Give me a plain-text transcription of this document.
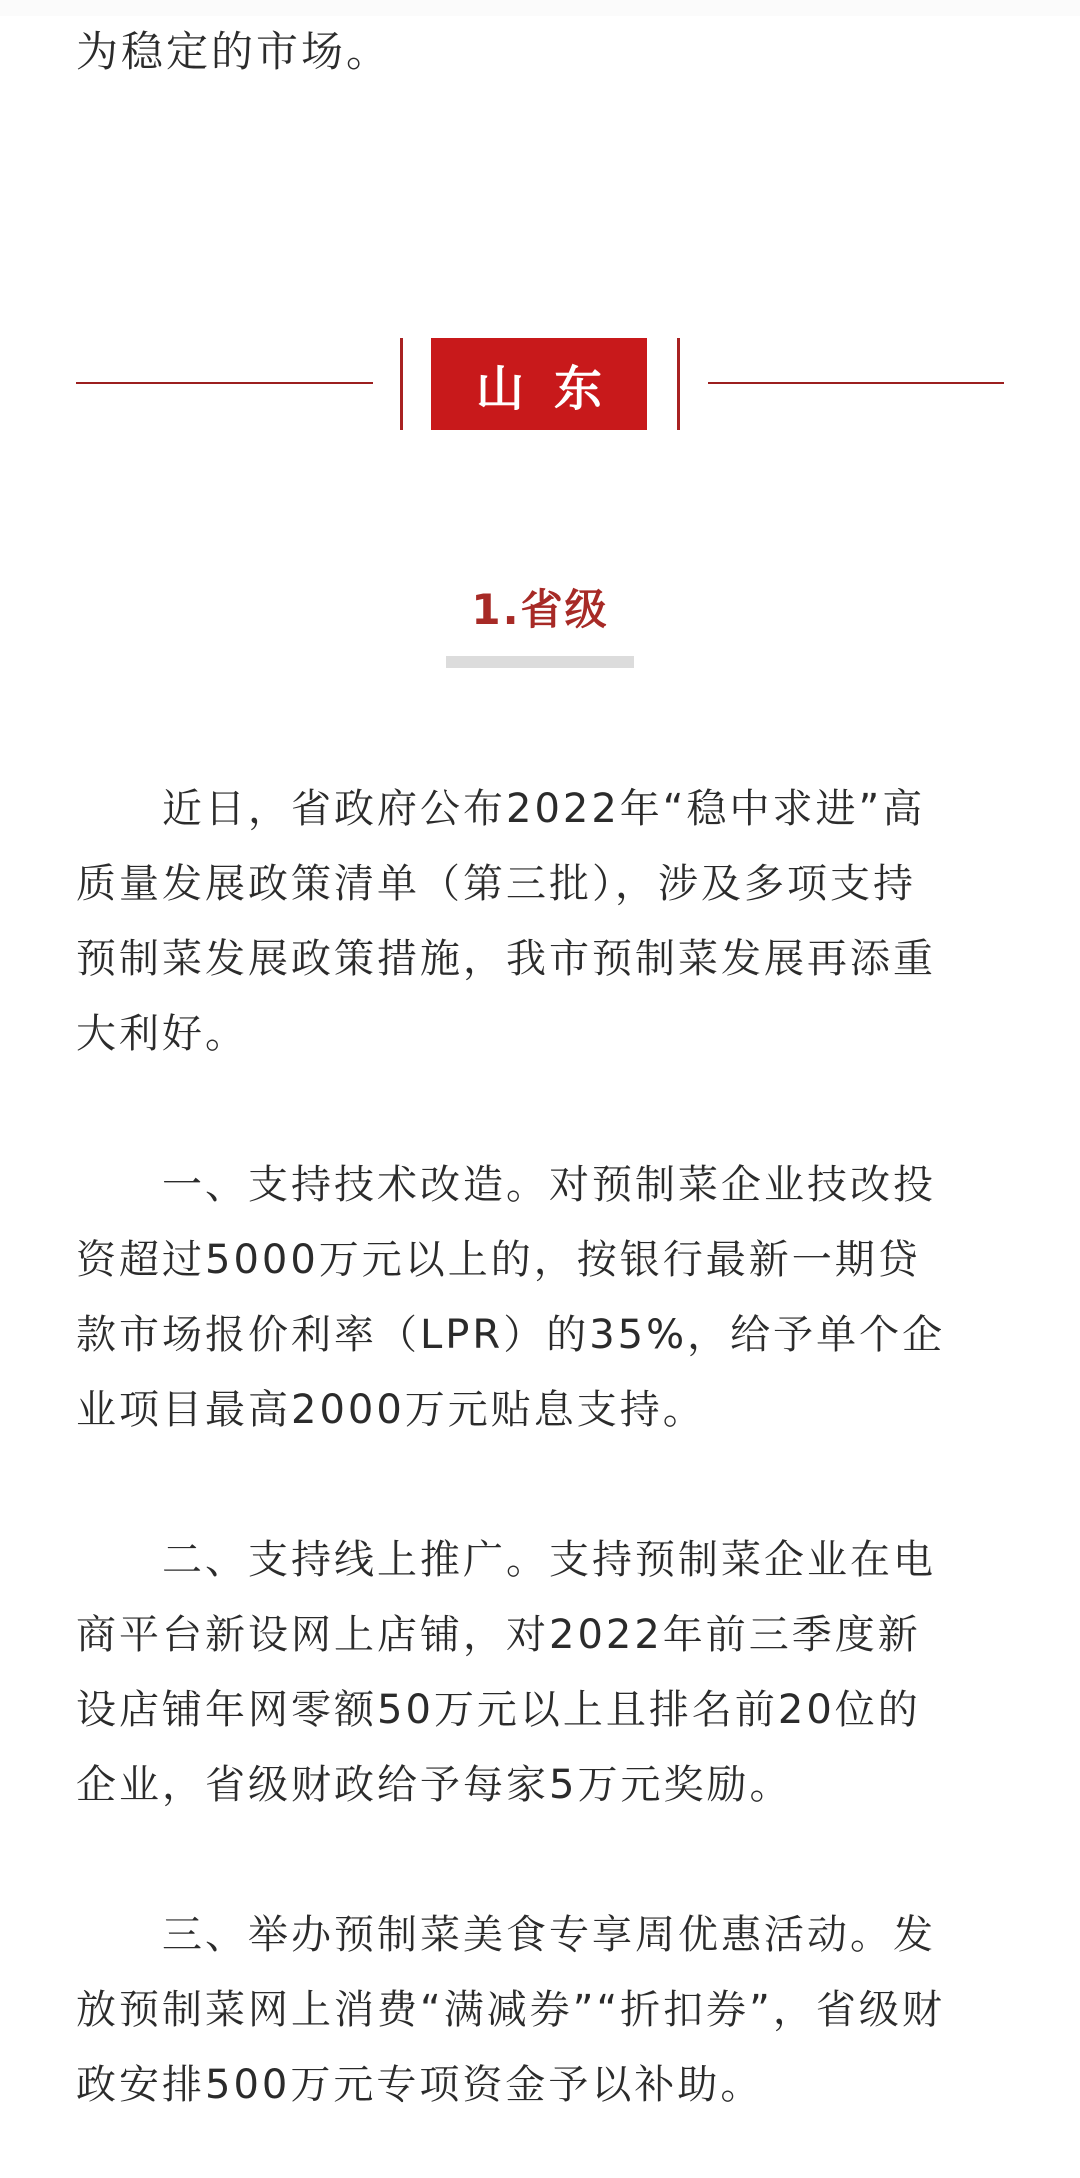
为稳定的市场。
山东
1.省级
　　近日，省政府公布2022年“稳中求进”高
质量发展政策清单（第三批），涉及多项支持
预制菜发展政策措施，我市预制菜发展再添重
大利好。
　　一、支持技术改造。对预制菜企业技改投
资超过5000万元以上的，按银行最新一期贷
款市场报价利率（LPR）的35%，给予单个企
业项目最高2000万元贴息支持。
　　二、支持线上推广。支持预制菜企业在电
商平台新设网上店铺，对2022年前三季度新
设店铺年网零额50万元以上且排名前20位的
企业，省级财政给予每家5万元奖励。
　　三、举办预制菜美食专享周优惠活动。发
放预制菜网上消费“满减券”“折扣券”，省级财
政安排500万元专项资金予以补助。
